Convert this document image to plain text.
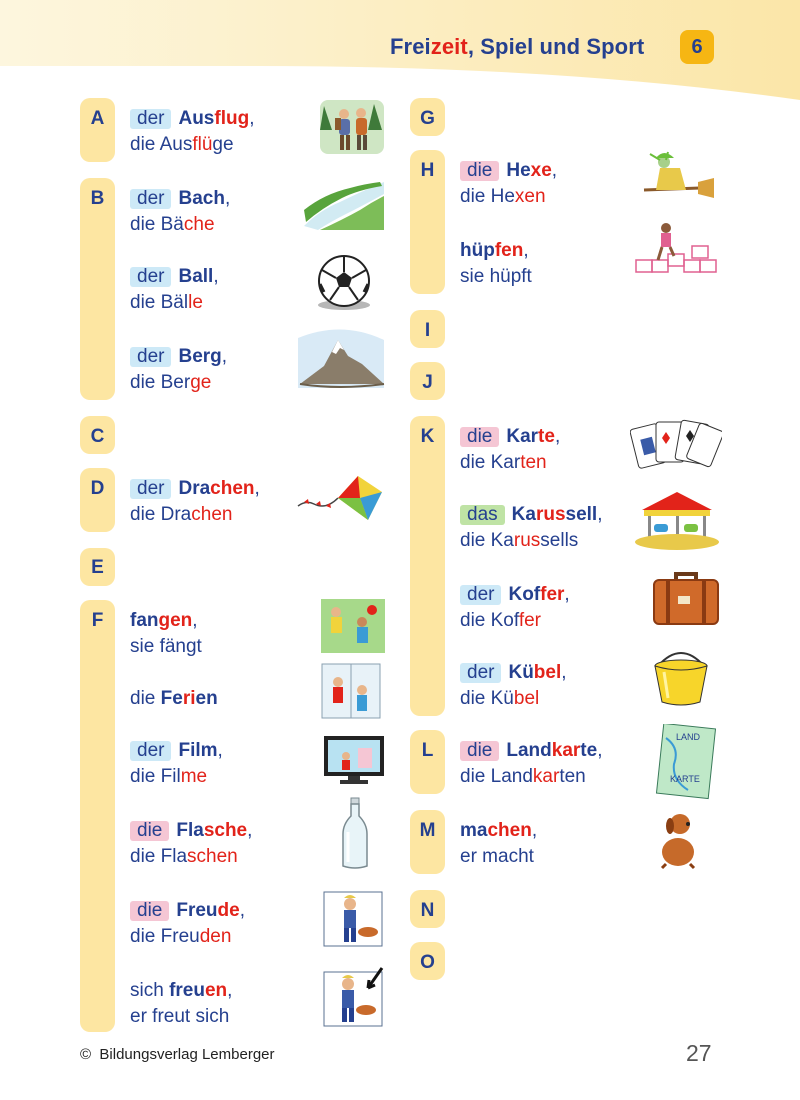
Freizeit, Spiel und Sport	6
A
B
C
D
E
F
G
H
I
J
K
L
M
N
O
der Ausflug,
die Ausflüge
der Bach,
die Bäche
der Ball,
die Bälle
der Berg,
die Berge
der Drachen,
die Drachen
fangen,
sie fängt
die Ferien
der Film,
die Filme
die Flasche,
die Flaschen
die Freude,
die Freuden
sich freuen,
er freut sich
die Hexe,
die Hexen
hüpfen,
sie hüpft
die Karte,
die Karten
das Karussell,
die Karussells
der Koffer,
die Koffer
der Kübel,
die Kübel
die Landkarte,
die Landkarten
machen,
er macht
LAND
KARTE
© Bildungsverlag Lemberger	27
